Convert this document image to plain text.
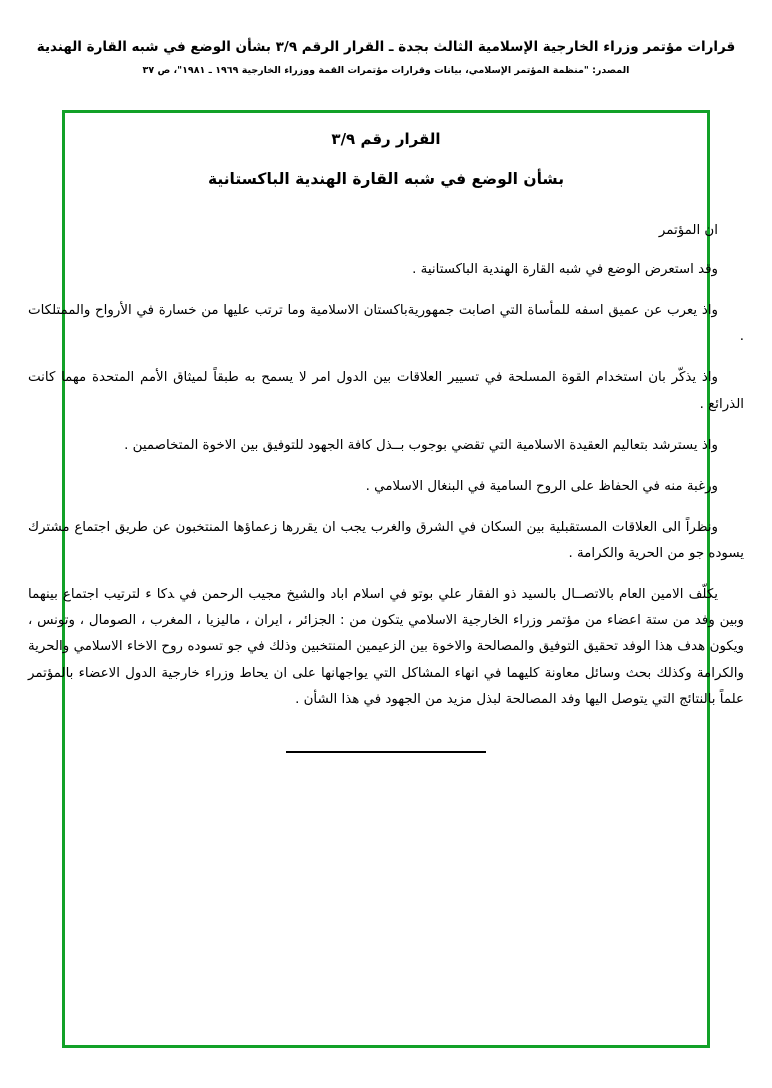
قرارات مؤتمر وزراء الخارجية الإسلامية الثالث بجدة ـ القرار الرقم ٣/٩ بشأن الوضع في شبه القارة الهندية
المصدر: "منظمة المؤتمر الإسلامي، بيانات وقرارات مؤتمرات القمة ووزراء الخارجية ١٩٦٩ ـ ١٩٨١"، ص ٣٧
القرار رقم ٣/٩
بشأن الوضع في شبه القارة الهندية الباكستانية

ان المؤتمر

وقد استعرض الوضع في شبه القارة الهندية الباكستانية .

واذ يعرب عن عميق اسفه للمأساة التي اصابت جمهوريةباكستان الاسلامية وما ترتب عليها من خسارة في الأرواح والممتلكات .

واذ يذكّر بان استخدام القوة المسلحة في تسيير العلاقات بين الدول امر لا يسمح به طبقاً لميثاق الأمم المتحدة مهما كانت الذرائع .

واذ يسترشد بتعاليم العقيدة الاسلامية التي تقضي بوجوب بــذل كافة الجهود للتوفيق بين الاخوة المتخاصمين .

ورغبة منه في الحفاظ على الروح السامية في البنغال الاسلامي .

ونظراً الى العلاقات المستقبلية بين السكان في الشرق والغرب يجب ان يقررها زعماؤها المنتخبون عن طريق اجتماع مشترك يسوده جو من الحرية والكرامة .

يكلّف الامين العام بالاتصــال بالسيد ذو الفقار علي بوتو في اسلام اباد والشيخ مجيب الرحمن في ﺪﻛﺎ ﺀ لترتيب اجتماع بينهما وبين وفد من ستة اعضاء من مؤتمر وزراء الخارجية الاسلامي يتكون من : الجزائر ، ايران ، ماليزيا ، المغرب ، الصومال ، وتونس ، ويكون هدف هذا الوفد تحقيق التوفيق والمصالحة والاخوة بين الزعيمين المنتخبين وذلك في جو تسوده روح الاخاء الاسلامي والحرية والكرامة وكذلك بحث وسائل معاونة كليهما في انهاء المشاكل التي يواجهانها على ان يحاط وزراء خارجية الدول الاعضاء بالمؤتمر علماً بالنتائج التي يتوصل اليها وفد المصالحة لبذل مزيد من الجهود في هذا الشأن .
